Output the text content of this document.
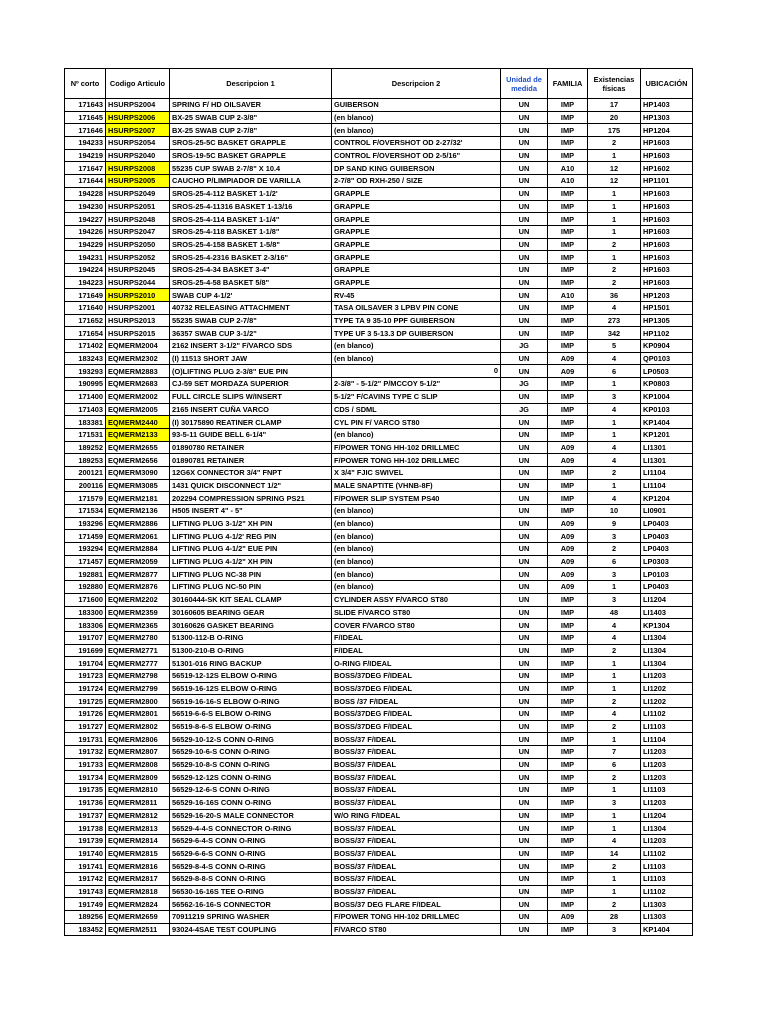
Nº corto	Codigo Articulo	Descripcion 1	Descripcion 2	Unidad de medida	FAMILIA	Existencias físicas	UBICACIÓN
171643	HSURPS2004	SPRING F/ HD OILSAVER	GUIBERSON	UN	IMP	17	HP1403
171645	HSURPS2006	BX-25 SWAB CUP 2-3/8"	(en blanco)	UN	IMP	20	HP1303
171646	HSURPS2007	BX-25 SWAB CUP 2-7/8"	(en blanco)	UN	IMP	175	HP1204
194233	HSURPS2054	SROS-25-5C BASKET GRAPPLE	CONTROL F/OVERSHOT OD 2-27/32'	UN	IMP	2	HP1603
194219	HSURPS2040	SROS-19-5C BASKET GRAPPLE	CONTROL F/OVERSHOT OD 2-5/16"	UN	IMP	1	HP1603
171647	HSURPS2008	55235 CUP SWAB 2-7/8" X 10.4	DP SAND KING GUIBERSON	UN	A10	12	HP1602
171644	HSURPS2005	CAUCHO P/LIMPIADOR DE VARILLA	2-7/8" OD RXH-250 / SIZE	UN	A10	12	HP1101
194228	HSURPS2049	SROS-25-4-112 BASKET 1-1/2'	GRAPPLE	UN	IMP	1	HP1603
194230	HSURPS2051	SROS-25-4-11316 BASKET 1-13/16	GRAPPLE	UN	IMP	1	HP1603
194227	HSURPS2048	SROS-25-4-114 BASKET 1-1/4"	GRAPPLE	UN	IMP	1	HP1603
194226	HSURPS2047	SROS-25-4-118 BASKET 1-1/8"	GRAPPLE	UN	IMP	1	HP1603
194229	HSURPS2050	SROS-25-4-158 BASKET 1-5/8"	GRAPPLE	UN	IMP	2	HP1603
194231	HSURPS2052	SROS-25-4-2316 BASKET 2-3/16"	GRAPPLE	UN	IMP	1	HP1603
194224	HSURPS2045	SROS-25-4-34 BASKET 3-4"	GRAPPLE	UN	IMP	2	HP1603
194223	HSURPS2044	SROS-25-4-58 BASKET 5/8"	GRAPPLE	UN	IMP	2	HP1603
171649	HSURPS2010	SWAB CUP 4-1/2'	RV-45	UN	A10	36	HP1203
171640	HSURPS2001	40732 RELEASING ATTACHMENT	TASA OILSAVER 3 LPBV PIN CONE	UN	IMP	4	HP1501
171652	HSURPS2013	55235 SWAB CUP 2-7/8"	TYPE TA 9 35-10 PPF GUIBERSON	UN	IMP	273	HP1305
171654	HSURPS2015	36357 SWAB CUP 3-1/2"	TYPE UF 3 5-13.3 DP GUIBERSON	UN	IMP	342	HP1102
171402	EQMERM2004	2162 INSERT 3-1/2" F/VARCO SDS	(en blanco)	JG	IMP	5	KP0904
183243	EQMERM2302	(I) 11513 SHORT JAW	(en blanco)	UN	A09	4	QP0103
193293	EQMERM2883	(O)LIFTING PLUG 2-3/8" EUE PIN	0	UN	A09	6	LP0503
190995	EQMERM2683	CJ-59 SET MORDAZA SUPERIOR	2-3/8" - 5-1/2" P/MCCOY 5-1/2"	JG	IMP	1	KP0803
171400	EQMERM2002	FULL CIRCLE SLIPS W/INSERT	5-1/2" F/CAVINS TYPE C SLIP	UN	IMP	3	KP1004
171403	EQMERM2005	2165 INSERT CUÑA VARCO	CDS / SDML	JG	IMP	4	KP0103
183381	EQMERM2440	(I) 30175890 REATINER CLAMP	CYL PIN F/ VARCO ST80	UN	IMP	1	KP1404
171531	EQMERM2133	93-5-11 GUIDE BELL 6-1/4"	(en blanco)	UN	IMP	1	KP1201
189252	EQMERM2655	01890780 RETAINER	F/POWER TONG HH-102 DRILLMEC	UN	A09	4	LI1301
189253	EQMERM2656	01890781 RETAINER	F/POWER TONG HH-102 DRILLMEC	UN	A09	4	LI1301
200121	EQMERM3090	12G6X CONNECTOR 3/4" FNPT	X 3/4" FJIC SWIVEL	UN	IMP	2	LI1104
200116	EQMERM3085	1431 QUICK DISCONNECT 1/2"	MALE SNAPTITE (VHNB-8F)	UN	IMP	1	LI1104
171579	EQMERM2181	202294 COMPRESSION SPRING PS21	F/POWER SLIP SYSTEM PS40	UN	IMP	4	KP1204
171534	EQMERM2136	H505 INSERT 4" - 5"	(en blanco)	UN	IMP	10	LI0901
193296	EQMERM2886	LIFTING PLUG 3-1/2" XH PIN	(en blanco)	UN	A09	9	LP0403
171459	EQMERM2061	LIFTING PLUG 4-1/2' REG PIN	(en blanco)	UN	A09	3	LP0403
193294	EQMERM2884	LIFTING PLUG 4-1/2" EUE PIN	(en blanco)	UN	A09	2	LP0403
171457	EQMERM2059	LIFTING PLUG 4-1/2" XH PIN	(en blanco)	UN	A09	6	LP0303
192881	EQMERM2877	LIFTING PLUG NC-38 PIN	(en blanco)	UN	A09	3	LP0103
192880	EQMERM2876	LIFTING PLUG NC-50 PIN	(en blanco)	UN	A09	1	LP0403
171600	EQMERM2202	30160444-SK KIT SEAL CLAMP	CYLINDER ASSY F/VARCO ST80	UN	IMP	3	LI1204
183300	EQMERM2359	30160605 BEARING GEAR	SLIDE F/VARCO ST80	UN	IMP	48	LI1403
183306	EQMERM2365	30160626 GASKET BEARING	COVER F/VARCO ST80	UN	IMP	4	KP1304
191707	EQMERM2780	51300-112-B O-RING	F/IDEAL	UN	IMP	4	LI1304
191699	EQMERM2771	51300-210-B O-RING	F/IDEAL	UN	IMP	2	LI1304
191704	EQMERM2777	51301-016 RING BACKUP	O-RING F/IDEAL	UN	IMP	1	LI1304
191723	EQMERM2798	56519-12-12S ELBOW O-RING	BOSS/37DEG F/IDEAL	UN	IMP	1	LI1203
191724	EQMERM2799	56519-16-12S ELBOW O-RING	BOSS/37DEG F/IDEAL	UN	IMP	1	LI1202
191725	EQMERM2800	56519-16-16-S ELBOW O-RING	BOSS /37 F/IDEAL	UN	IMP	2	LI1202
191726	EQMERM2801	56519-6-6-S ELBOW O-RING	BOSS/37DEG F/IDEAL	UN	IMP	4	LI1102
191727	EQMERM2802	56519-8-6-S ELBOW O-RING	BOSS/37DEG F/IDEAL	UN	IMP	2	LI1103
191731	EQMERM2806	56529-10-12-S CONN O-RING	BOSS/37 F/IDEAL	UN	IMP	1	LI1104
191732	EQMERM2807	56529-10-6-S CONN O-RING	BOSS/37 F/IDEAL	UN	IMP	7	LI1203
191733	EQMERM2808	56529-10-8-S CONN O-RING	BOSS/37 F/IDEAL	UN	IMP	6	LI1203
191734	EQMERM2809	56529-12-12S CONN O-RING	BOSS/37 F/IDEAL	UN	IMP	2	LI1203
191735	EQMERM2810	56529-12-6-S CONN O-RING	BOSS/37 F/IDEAL	UN	IMP	1	LI1103
191736	EQMERM2811	56529-16-16S CONN O-RING	BOSS/37 F/IDEAL	UN	IMP	3	LI1203
191737	EQMERM2812	56529-16-20-S MALE CONNECTOR	W/O RING F/IDEAL	UN	IMP	1	LI1204
191738	EQMERM2813	56529-4-4-S CONNECTOR O-RING	BOSS/37 F/IDEAL	UN	IMP	1	LI1304
191739	EQMERM2814	56529-6-4-S CONN O-RING	BOSS/37 F/IDEAL	UN	IMP	4	LI1203
191740	EQMERM2815	56529-6-6-S CONN O-RING	BOSS/37 F/IDEAL	UN	IMP	14	LI1102
191741	EQMERM2816	56529-8-4-S CONN O-RING	BOSS/37 F/IDEAL	UN	IMP	2	LI1103
191742	EQMERM2817	56529-8-8-S CONN O-RING	BOSS/37 F/IDEAL	UN	IMP	1	LI1103
191743	EQMERM2818	56530-16-16S TEE O-RING	BOSS/37 F/IDEAL	UN	IMP	1	LI1102
191749	EQMERM2824	56562-16-16-S CONNECTOR	BOSS/37 DEG FLARE F/IDEAL	UN	IMP	2	LI1303
189256	EQMERM2659	70911219 SPRING WASHER	F/POWER TONG HH-102 DRILLMEC	UN	A09	28	LI1303
183452	EQMERM2511	93024-4SAE TEST COUPLING	F/VARCO ST80	UN	IMP	3	KP1404
